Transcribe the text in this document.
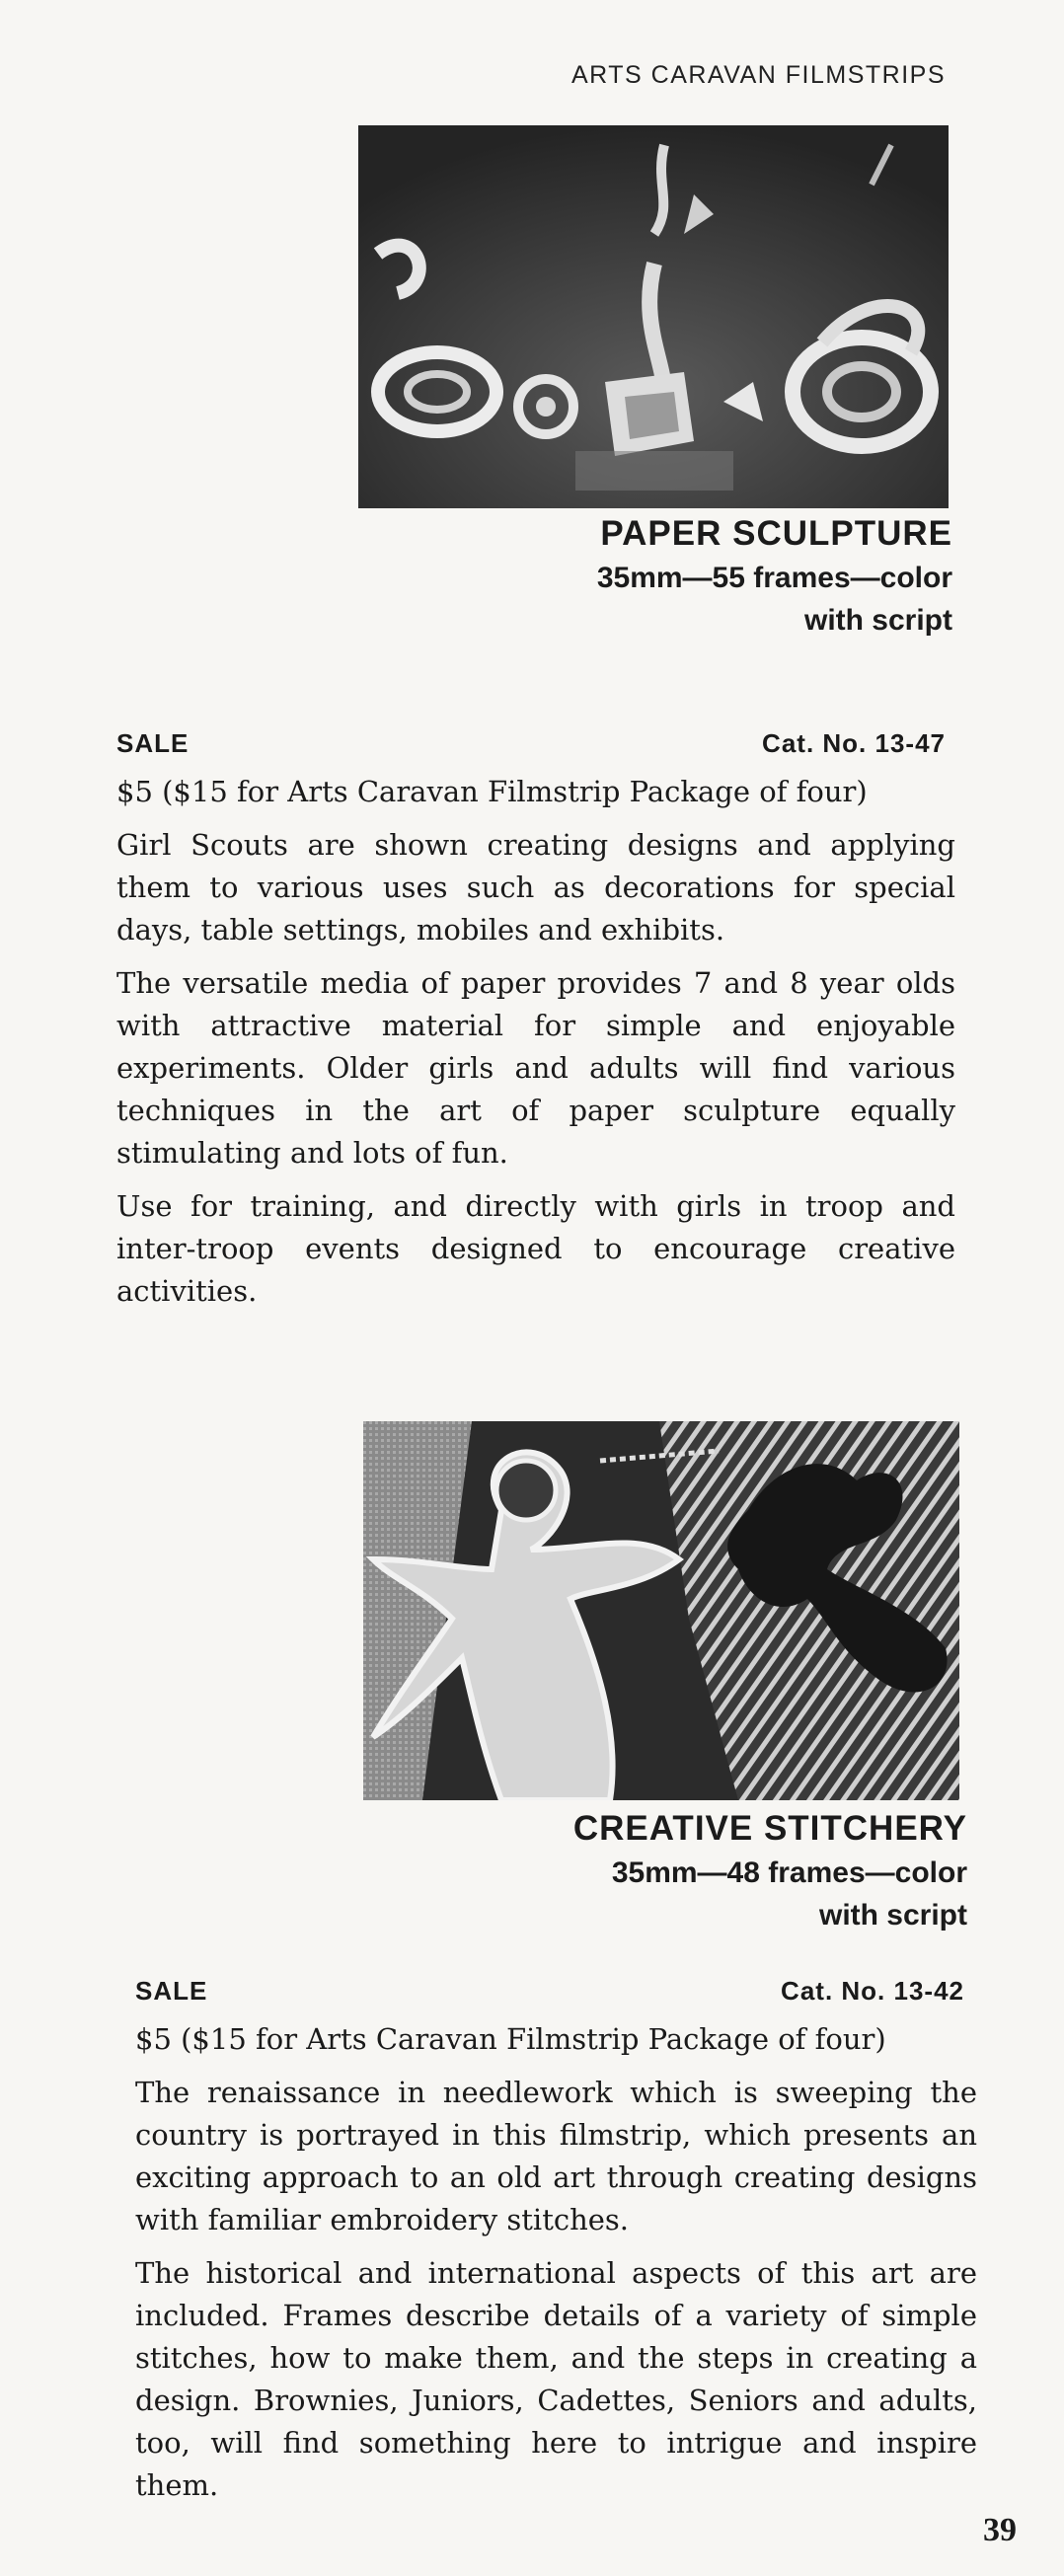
ARTS CARAVAN FILMSTRIPS
PAPER SCULPTURE
35mm—55 frames—color
with script
SALE	Cat. No. 13-47

$5 ($15 for Arts Caravan Filmstrip Package of four)

Girl Scouts are shown creating designs and applying them to various uses such as decorations for special days, table settings, mobiles and exhibits.

The versatile media of paper provides 7 and 8 year olds with attractive material for simple and enjoyable experiments. Older girls and adults will find various techniques in the art of paper sculpture equally stimulating and lots of fun.

Use for training, and directly with girls in troop and inter-troop events designed to encourage creative activities.

CREATIVE STITCHERY
35mm—48 frames—color
with script
SALE	Cat. No. 13-42

$5 ($15 for Arts Caravan Filmstrip Package of four)

The renaissance in needlework which is sweeping the country is portrayed in this filmstrip, which presents an exciting approach to an old art through creating designs with familiar embroidery stitches.

The historical and international aspects of this art are included. Frames describe details of a variety of simple stitches, how to make them, and the steps in creating a design. Brownies, Juniors, Cadettes, Seniors and adults, too, will find something here to intrigue and inspire them.

39
